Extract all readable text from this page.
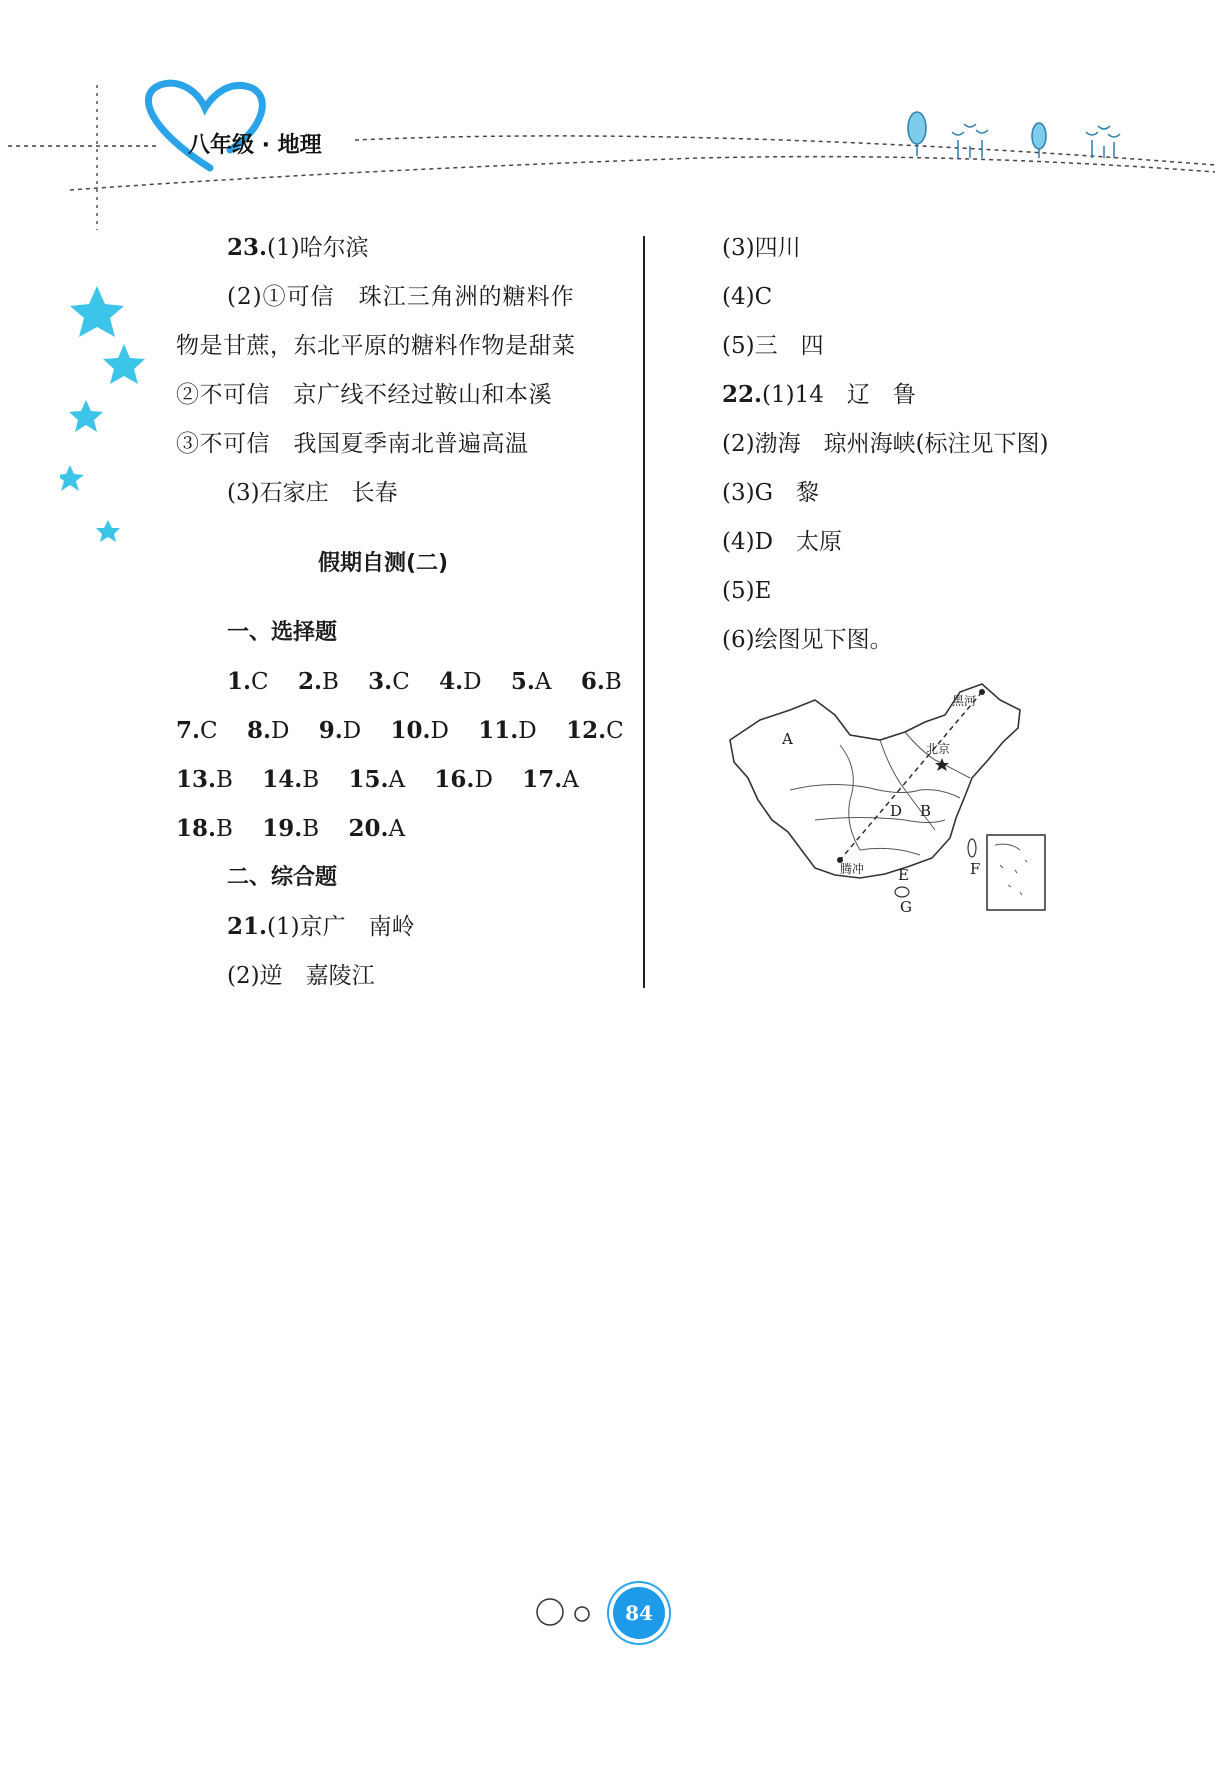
八年级 · 地理
23.(1)哈尔滨
(2)①可信　珠江三角洲的糖料作
物是甘蔗，东北平原的糖料作物是甜菜
②不可信　京广线不经过鞍山和本溪
③不可信　我国夏季南北普遍高温
(3)石家庄　长春
假期自测(二)
一、选择题
1.C 2.B 3.C 4.D 5.A 6.B
7.C 8.D 9.D 10.D 11.D 12.C
13.B 14.B 15.A 16.D 17.A
18.B 19.B 20.A
二、综合题
21.(1)京广　南岭
(2)逆　嘉陵江
(3)四川
(4)C
(5)三　四
22.(1)14　辽　鲁
(2)渤海　琼州海峡(标注见下图)
(3)G　黎
(4)D　太原
(5)E
(6)绘图见下图。
A
D B
E	F
G
北京
黑河
腾冲
84
